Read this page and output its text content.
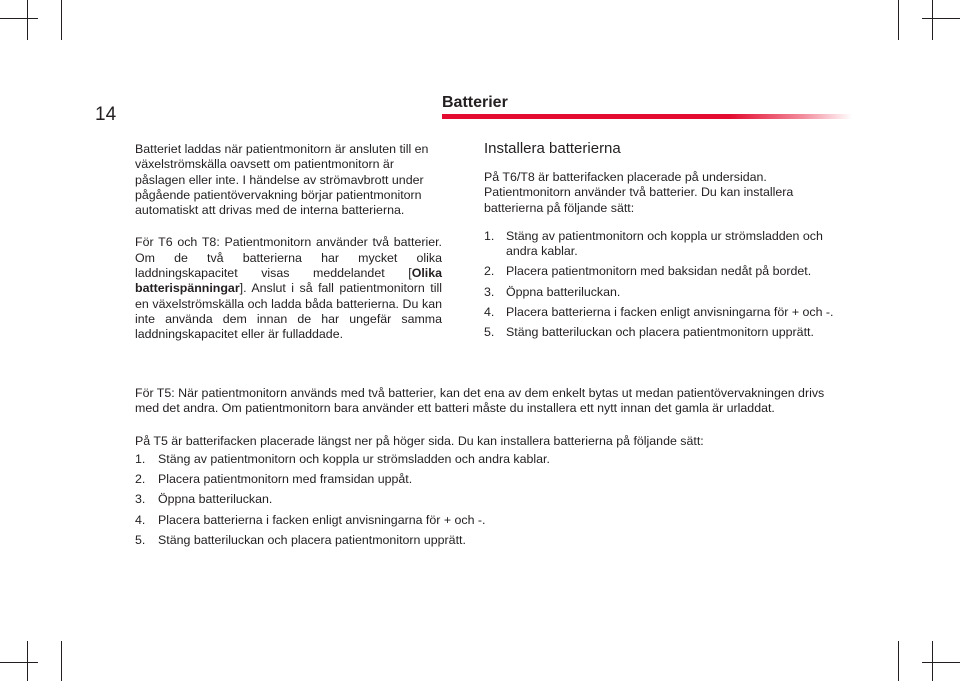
14
Batterier

Batteriet laddas när patientmonitorn är ansluten till en växelströmskälla oavsett om patientmonitorn är påslagen eller inte. I händelse av strömavbrott under pågående patientövervakning börjar patientmonitorn automatiskt att drivas med de interna batterierna.

För T6 och T8: Patientmonitorn använder två batterier. Om de två batterierna har mycket olika laddningskapacitet visas meddelandet [Olika batterispänningar]. Anslut i så fall patientmonitorn till en växelströmskälla och ladda båda batterierna. Du kan inte använda dem innan de har ungefär samma laddningskapacitet eller är fulladdade.

Installera batterierna

På T6/T8 är batterifacken placerade på undersidan. Patientmonitorn använder två batterier. Du kan installera batterierna på följande sätt:

1. Stäng av patientmonitorn och koppla ur strömsladden och andra kablar.
2. Placera patientmonitorn med baksidan nedåt på bordet.
3. Öppna batteriluckan.
4. Placera batterierna i facken enligt anvisningarna för + och -.
5. Stäng batteriluckan och placera patientmonitorn upprätt.

För T5: När patientmonitorn används med två batterier, kan det ena av dem enkelt bytas ut medan patientövervakningen drivs med det andra. Om patientmonitorn bara använder ett batteri måste du installera ett nytt innan det gamla är urladdat.

På T5 är batterifacken placerade längst ner på höger sida. Du kan installera batterierna på följande sätt:

1.	Stäng av patientmonitorn och koppla ur strömsladden och andra kablar.
2.	Placera patientmonitorn med framsidan uppåt.
3.	Öppna batteriluckan.
4.	Placera batterierna i facken enligt anvisningarna för + och -.
5.	Stäng batteriluckan och placera patientmonitorn upprätt.
